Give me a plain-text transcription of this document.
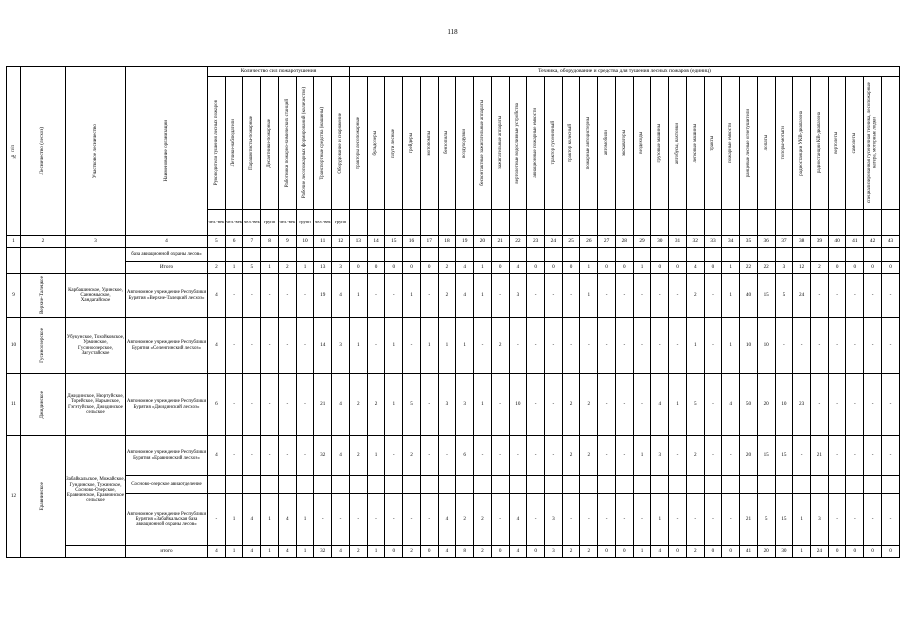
118
№ п/п	Лесничество (лесхоз)	Участковое лесничество	Наименование организации	Количество сил пожаротушения								Техника, оборудование и средства для тушения лесных пожаров (единиц)																														

				Руководители тушения лесных пожаров	Летчики-наблюдатели	Парашютисты-пожарные	Десантники-пожарные	Работники пожарно-химических станций	Рабочие лесопожарных формирований (количество)	Транспортные средства (машины)	Оборудование и снаряжение	тракторы лесопожарные	бульдозеры	плуги лесные	грейдеры	мотопомпы	бензопилы	воздуходувки	бесконтактные зажигательные аппараты	зажигательные аппараты	вертолетные водосливные устройства	авиационные пожарные емкости	трактор гусеничный	трактор колесный	пожарные автоцистерны	автомобили	экскаваторы	вездеходы	грузовые машины	автобусы, вахтовки	легковые машины	тракты	пожарные емкости	ранцевые лесные огнетушители	лопаты	топоры-мотыги	радиостанции УКВ-диапазона	радиостанции КВ-диапазона	вертолеты	самолеты	специализированная гусеничная техника, лесопожарные катера, моторные лодки	

				чел.-век	чел.-век	чел.-век	групп	чел.-век	групп	чел.-век	групп																															
1	2	3	4	5	6	7	8	9	10	11	12	13	14	15	16	17	18	19	20	21	22	23	24	25	26	27	28	29	30	31	32	33	34	35	36	37	38	39	40	41	42	43
			база авиационной охраны лесов»																																							
			Итого	2	1	5	1	2	1	13	3	0	0	0	0	0	2	4	1	0	4	0	0	0	1	0	0	1	0	0	4	0	1	22	22	3	12	2	0	0	0	0
9	Верхне-Талецкое	Карбашинское, Удинское, Санномыское, Хандагайское	Автономное учреждение Республики Бурятия «Верхне-Талецкий лесхоз»	4	-	-	-	-	-	19	4	1	-	-	1	-	2	4	1	-	3	-	-	-	1	-	-	-	-	-	2	-	1	40	15	5	24	-	-	-	-	-
10	Гусиноозерское	Убукунское, Тохойковское, Урминское, Гусиноозерское, Загустайское	Автономное учреждение Республики Бурятия «Селенгинский лесхоз»	4	-	-	-	-	-	14	3	1	-	1	-	1	1	1	-	2	-	-	-	-	-	-	-	-	-	-	1	-	1	10	10	-	-	-	-	-	-	-
11	Джидинское	Джидинское, Нюртуйское, Торейское, Нарынское, Гэгэтуйское, Джидинское сельское	Автономное учреждение Республики Бурятия «Джидинский лесхоз»	6	-	-	-	-	-	21	4	2	2	1	5	-	3	3	1	-	10	-	-	2	2	-	-	-	4	1	5	-	4	50	20	10	23	-	-	-	-	-
12	Еравнинское	Забайкальское, Можайское, Гундинское, Тужинское, Сосново-Озерское, Еравнинское, Еравнинское сельское	Автономное учреждение Республики Бурятия «Еравнинский лесхоз»	4	-	-	-	-	-	32	4	2	1	-	2	-	-	6	-	-	-	-	-	2	2	-	-	1	3	-	2	-	-	20	15	15	-	21	-	-	-	-
			Сосново-озерское авиаотделение																																							
			Автономное учреждение Республики Бурятия «Забайкальская база авиационной охраны лесов»	-	1	4	1	4	1	-	-	-	-	-	-	-	4	2	2	-	4	-	3	-	-	-	-	-	1	-	-	-	-	21	5	15	1	3	-	-	-	-
			итого	4	1	4	1	4	1	32	4	2	1	0	2	0	4	8	2	0	4	0	3	2	2	0	0	1	4	0	2	0	0	41	20	30	1	24	0	0	0	0
